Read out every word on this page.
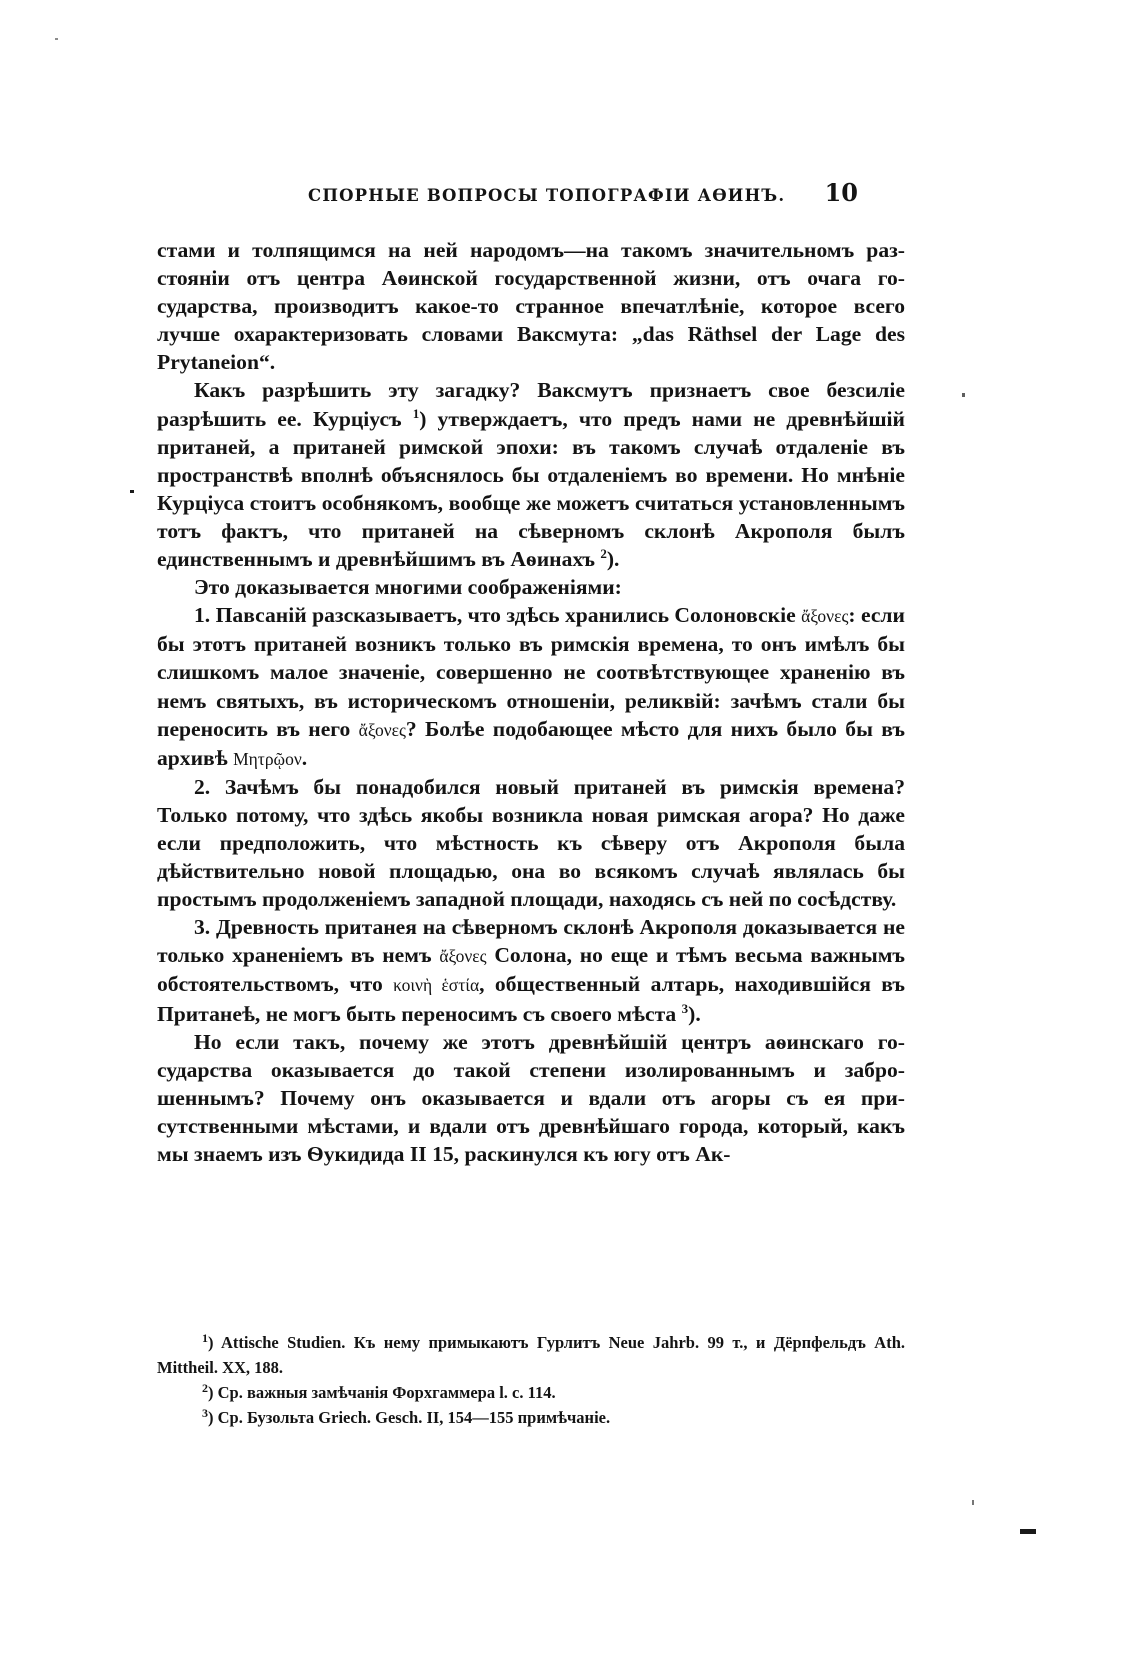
СПОРНЫЕ ВОПРОСЫ ТОПОГРАФІИ АѲИНЪ. 10

стами и толпящимся на ней народомъ—на такомъ значительномъ разстояніи отъ центра Аѳинской государственной жизни, отъ очага государства, производитъ какое-то странное впечатлѣніе, которое всего лучше охарактеризовать словами Ваксмута: „das Räthsel der Lage des Prytaneion“.

Какъ разрѣшить эту загадку? Ваксмутъ признаетъ свое безсиліе разрѣшить ее. Курціусъ $^1$) утверждаетъ, что предъ нами не древнѣйшій пританей, а пританей римской эпохи: въ такомъ случаѣ отдаленіе въ пространствѣ вполнѣ объяснялось бы отдаленіемъ во времени. Но мнѣніе Курціуса стоитъ особнякомъ, вообще же можетъ считаться установленнымъ тотъ фактъ, что пританей на сѣверномъ склонѣ Акрополя былъ единственнымъ и древнѣйшимъ въ Аѳинахъ $^2$).

Это доказывается многими соображеніями:

1. Павсаній разсказываетъ, что здѣсь хранились Солоновскіе ἄξονες: если бы этотъ пританей возникъ только въ римскія времена, то онъ имѣлъ бы слишкомъ малое значеніе, совершенно не соотвѣтствующее храненію въ немъ святыхъ, въ историческомъ отношеніи, реликвій: зачѣмъ стали бы переносить въ него ἄξονες? Болѣе подобающее мѣсто для нихъ было бы въ архивѣ Μητρῷον.

2. Зачѣмъ бы понадобился новый пританей въ римскія времена? Только потому, что здѣсь якобы возникла новая римская агора? Но даже если предположить, что мѣстность къ сѣверу отъ Акрополя была дѣйствительно новой площадью, она во всякомъ случаѣ являлась бы простымъ продолженіемъ западной площади, находясь съ ней по сосѣдству.

3. Древность пританея на сѣверномъ склонѣ Акрополя доказывается не только храненіемъ въ немъ ἄξονες Солона, но еще и тѣмъ весьма важнымъ обстоятельствомъ, что κοινὴ ἑστία, общественный алтарь, находившійся въ Пританеѣ, не могъ быть переносимъ съ своего мѣста $^3$).

Но если такъ, почему же этотъ древнѣйшій центръ аѳинскаго государства оказывается до такой степени изолированнымъ и заброшеннымъ? Почему онъ оказывается и вдали отъ агоры съ ея присутственными мѣстами, и вдали отъ древнѣйшаго города, который, какъ мы знаемъ изъ Ѳукидида II 15, раскинулся къ югу отъ Ак-

$^1$) Attische Studien. Къ нему примыкаютъ Гурлитъ Neue Jahrb. 99 т., и Дёрпфельдъ Ath. Mittheil. XX, 188.

$^2$) Ср. важныя замѣчанія Форхгаммера l. c. 114.

$^3$) Ср. Бузольта Griech. Gesch. II, 154—155 примѣчаніе.
